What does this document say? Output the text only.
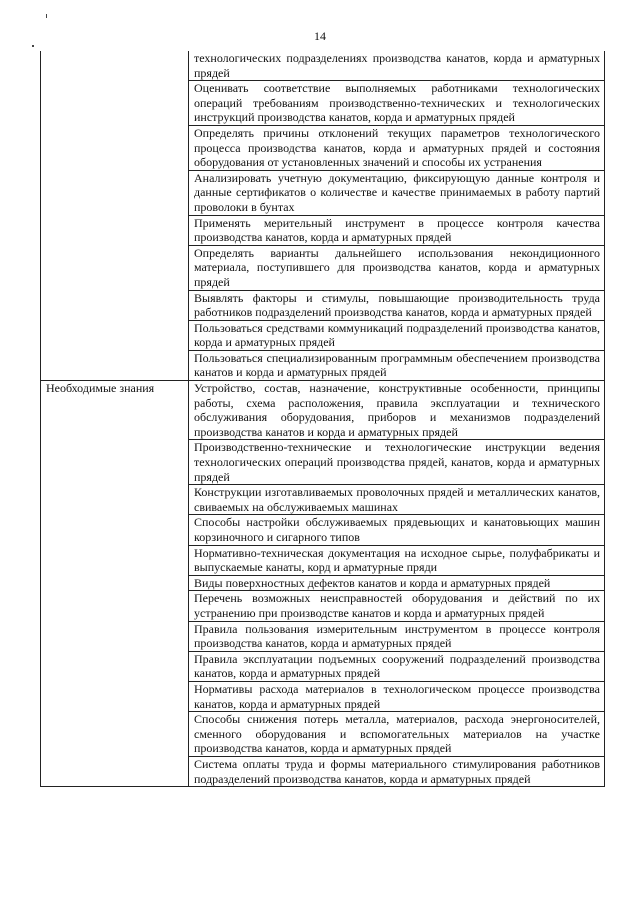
14
	технологических подразделениях производства канатов, корда и арматурных прядей
	Оценивать соответствие выполняемых работниками технологических операций требованиям производственно-технических и технологических инструкций производства канатов, корда и арматурных прядей
	Определять причины отклонений текущих параметров технологического процесса производства канатов, корда и арматурных прядей и состояния оборудования от установленных значений и способы их устранения
	Анализировать учетную документацию, фиксирующую данные контроля и данные сертификатов о количестве и качестве принимаемых в работу партий проволоки в бунтах
	Применять мерительный инструмент в процессе контроля качества производства канатов, корда и арматурных прядей
	Определять варианты дальнейшего использования некондиционного материала, поступившего для производства канатов, корда и арматурных прядей
	Выявлять факторы и стимулы, повышающие производительность труда работников подразделений производства канатов, корда и арматурных прядей
	Пользоваться средствами коммуникаций подразделений производства канатов, корда и арматурных прядей
	Пользоваться специализированным программным обеспечением производства канатов и корда и арматурных прядей
Необходимые знания	Устройство, состав, назначение, конструктивные особенности, принципы работы, схема расположения, правила эксплуатации и технического обслуживания оборудования, приборов и механизмов подразделений производства канатов и корда и арматурных прядей
	Производственно-технические и технологические инструкции ведения технологических операций производства прядей, канатов, корда и арматурных прядей
	Конструкции изготавливаемых проволочных прядей и металлических канатов, свиваемых на обслуживаемых машинах
	Способы настройки обслуживаемых прядевьющих и канатовьющих машин корзиночного и сигарного типов
	Нормативно-техническая документация на исходное сырье, полуфабрикаты и выпускаемые канаты, корд и арматурные пряди
	Виды поверхностных дефектов канатов и корда и арматурных прядей
	Перечень возможных неисправностей оборудования и действий по их устранению при производстве канатов и корда и арматурных прядей
	Правила пользования измерительным инструментом в процессе контроля производства канатов, корда и арматурных прядей
	Правила эксплуатации подъемных сооружений подразделений производства канатов, корда и арматурных прядей
	Нормативы расхода материалов в технологическом процессе производства канатов, корда и арматурных прядей
	Способы снижения потерь металла, материалов, расхода энергоносителей, сменного оборудования и вспомогательных материалов на участке производства канатов, корда и арматурных прядей
	Система оплаты труда и формы материального стимулирования работников подразделений производства канатов, корда и арматурных прядей
